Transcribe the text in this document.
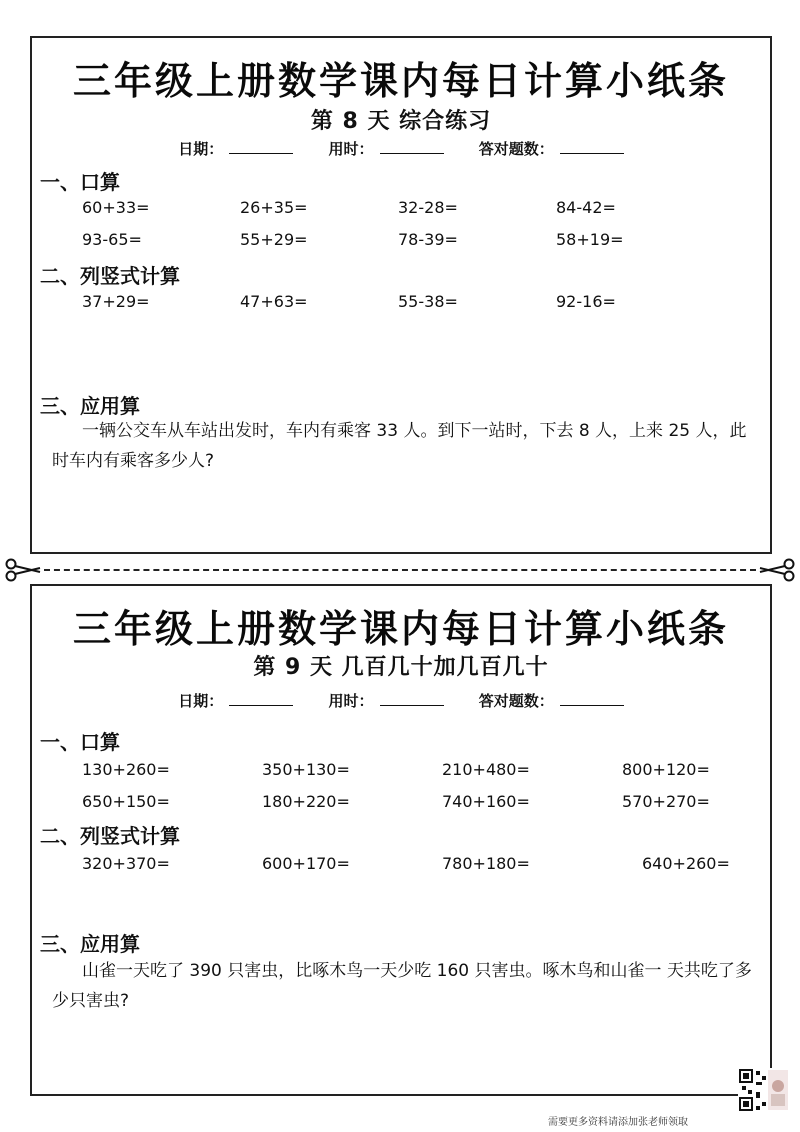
三年级上册数学课内每日计算小纸条
第 8 天 综合练习
日期：	用时：	答对题数：
一、口算
60+33=	26+35=	32-28=	84-42=
93-65=	55+29=	78-39=	58+19=
二、列竖式计算
37+29=	47+63=	55-38=	92-16=
三、应用算
一辆公交车从车站出发时，车内有乘客 33 人。到下一站时，下去 8 人，上来 25 人，此时车内有乘客多少人?
三年级上册数学课内每日计算小纸条
第 9 天 几百几十加几百几十
日期：	用时：	答对题数：
一、口算
130+260=	350+130=	210+480=	800+120=
650+150=	180+220=	740+160=	570+270=
二、列竖式计算
320+370=	600+170=	780+180=	640+260=
三、应用算
山雀一天吃了 390 只害虫，比啄木鸟一天少吃 160 只害虫。啄木鸟和山雀一 天共吃了多少只害虫?
需要更多资料请添加张老师领取
